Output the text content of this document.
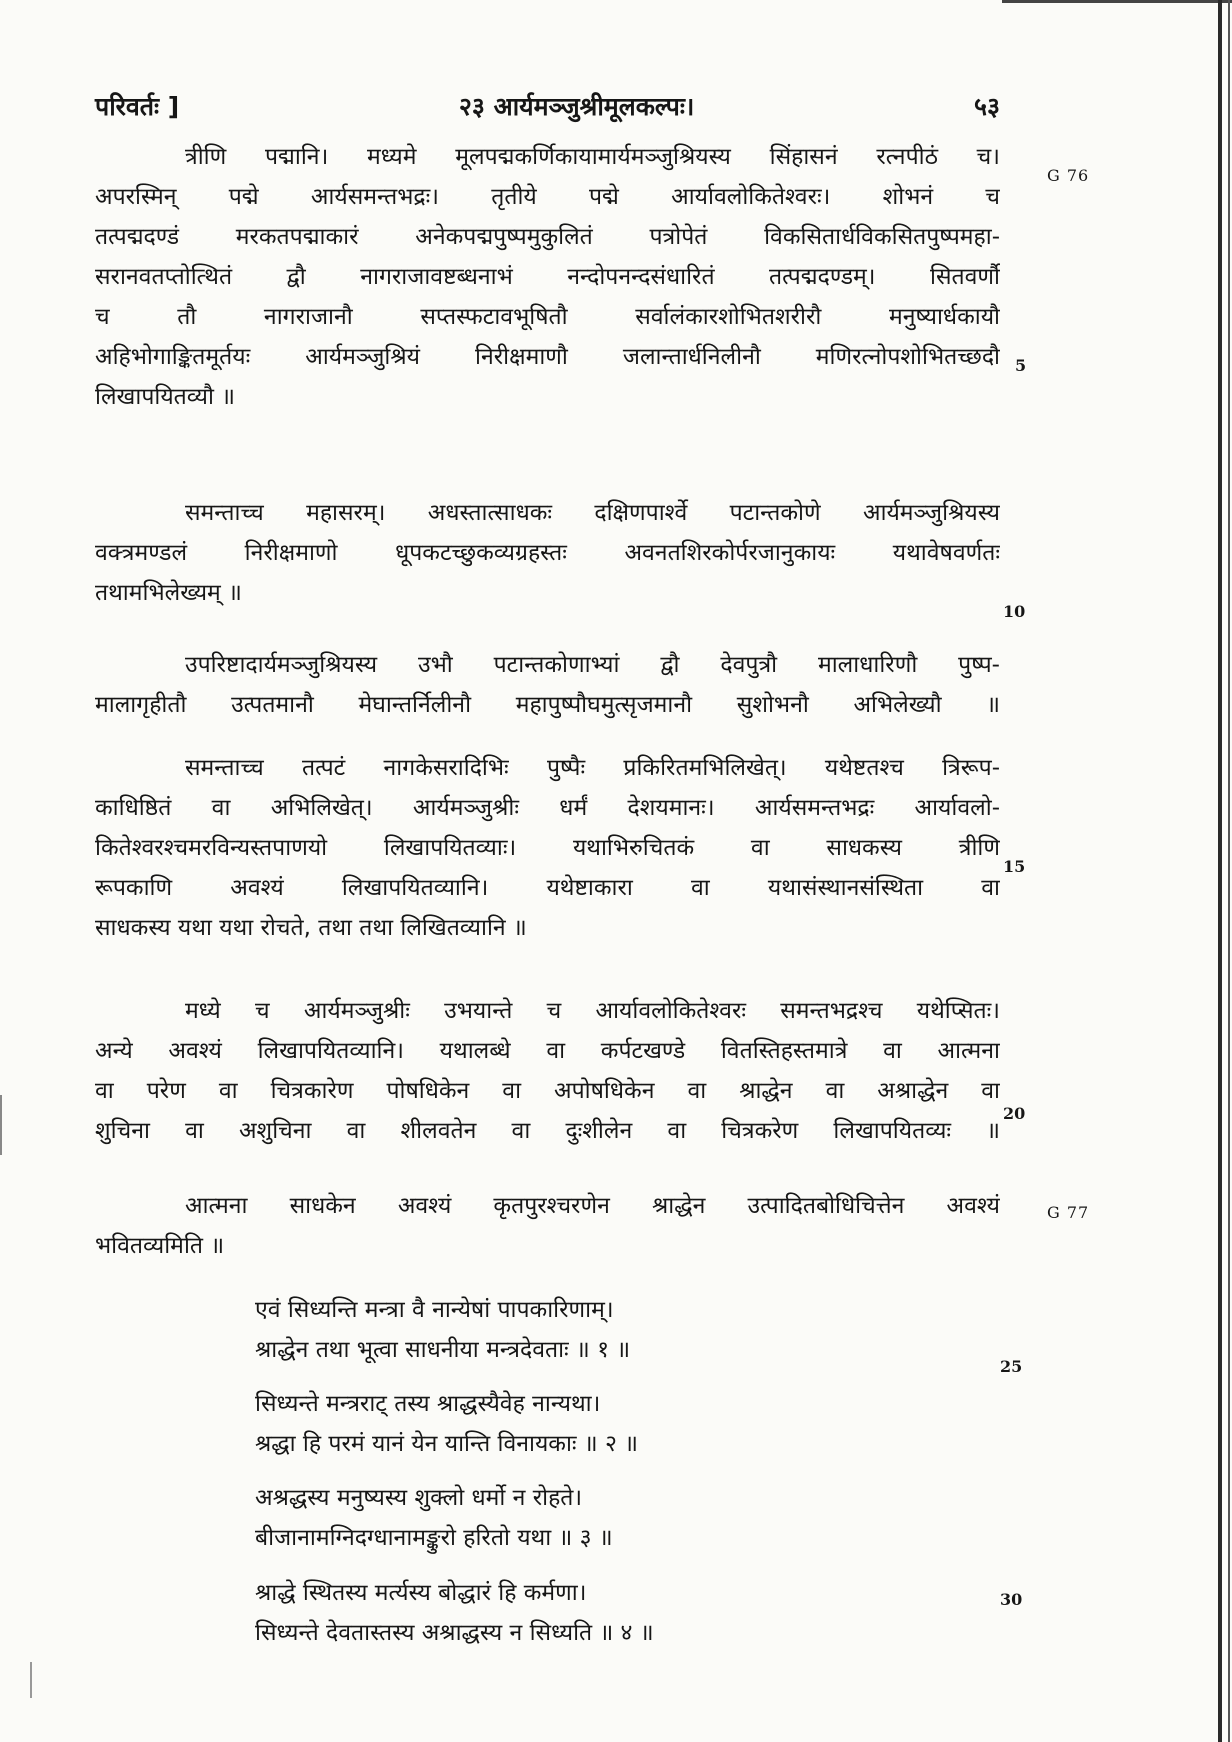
परिवर्तः ]	२३ आर्यमञ्जुश्रीमूलकल्पः।	५३
त्रीणि पद्मानि। मध्यमे मूलपद्मकर्णिकायामार्यमञ्जुश्रियस्य सिंहासनं रत्नपीठं च।
अपरस्मिन् पद्मे आर्यसमन्तभद्रः। तृतीये पद्मे आर्यावलोकितेश्वरः। शोभनं च
तत्पद्मदण्डं मरकतपद्माकारं अनेकपद्मपुष्पमुकुलितं पत्रोपेतं विकसितार्धविकसितपुष्पमहा-
सरानवतप्तोत्थितं द्वौ नागराजावष्टब्धनाभं नन्दोपनन्दसंधारितं तत्पद्मदण्डम्। सितवर्णौ
च तौ नागराजानौ सप्तस्फटावभूषितौ सर्वालंकारशोभितशरीरौ मनुष्यार्धकायौ
अहिभोगाङ्कितमूर्तयः आर्यमञ्जुश्रियं निरीक्षमाणौ जलान्तार्धनिलीनौ मणिरत्नोपशोभितच्छदौ
लिखापयितव्यौ ॥
समन्ताच्च महासरम्। अधस्तात्साधकः दक्षिणपार्श्वे पटान्तकोणे आर्यमञ्जुश्रियस्य
वक्त्रमण्डलं निरीक्षमाणो धूपकटच्छुकव्यग्रहस्तः अवनतशिरकोर्परजानुकायः यथावेषवर्णतः
तथामभिलेख्यम् ॥
उपरिष्टादार्यमञ्जुश्रियस्य उभौ पटान्तकोणाभ्यां द्वौ देवपुत्रौ मालाधारिणौ पुष्प-
मालागृहीतौ उत्पतमानौ मेघान्तर्निलीनौ महापुष्पौघमुत्सृजमानौ सुशोभनौ अभिलेख्यौ ॥
समन्ताच्च तत्पटं नागकेसरादिभिः पुष्पैः प्रकिरितमभिलिखेत्। यथेष्टतश्च त्रिरूप-
काधिष्ठितं वा अभिलिखेत्। आर्यमञ्जुश्रीः धर्मं देशयमानः। आर्यसमन्तभद्रः आर्यावलो-
कितेश्वरश्चमरविन्यस्तपाणयो लिखापयितव्याः। यथाभिरुचितकं वा साधकस्य त्रीणि
रूपकाणि अवश्यं लिखापयितव्यानि। यथेष्टाकारा वा यथासंस्थानसंस्थिता वा
साधकस्य यथा यथा रोचते, तथा तथा लिखितव्यानि ॥
मध्ये च आर्यमञ्जुश्रीः उभयान्ते च आर्यावलोकितेश्वरः समन्तभद्रश्च यथेप्सितः।
अन्ये अवश्यं लिखापयितव्यानि। यथालब्धे वा कर्पटखण्डे वितस्तिहस्तमात्रे वा आत्मना
वा परेण वा चित्रकारेण पोषधिकेन वा अपोषधिकेन वा श्राद्धेन वा अश्राद्धेन वा
शुचिना वा अशुचिना वा शीलवतेन वा दुःशीलेन वा चित्रकरेण लिखापयितव्यः ॥
आत्मना साधकेन अवश्यं कृतपुरश्चरणेन श्राद्धेन उत्पादितबोधिचित्तेन अवश्यं
भवितव्यमिति ॥
एवं सिध्यन्ति मन्त्रा वै नान्येषां पापकारिणाम्।
श्राद्धेन तथा भूत्वा साधनीया मन्त्रदेवताः ॥ १ ॥
सिध्यन्ते मन्त्रराट् तस्य श्राद्धस्यैवेह नान्यथा।
श्रद्धा हि परमं यानं येन यान्ति विनायकाः ॥ २ ॥
अश्रद्धस्य मनुष्यस्य शुक्लो धर्मो न रोहते।
बीजानामग्निदग्धानामङ्कुरो हरितो यथा ॥ ३ ॥
श्राद्धे स्थितस्य मर्त्यस्य बोद्धारं हि कर्मणा।
सिध्यन्ते देवतास्तस्य अश्राद्धस्य न सिध्यति ॥ ४ ॥
5
10
15
20
25
30
G 76
G 77
